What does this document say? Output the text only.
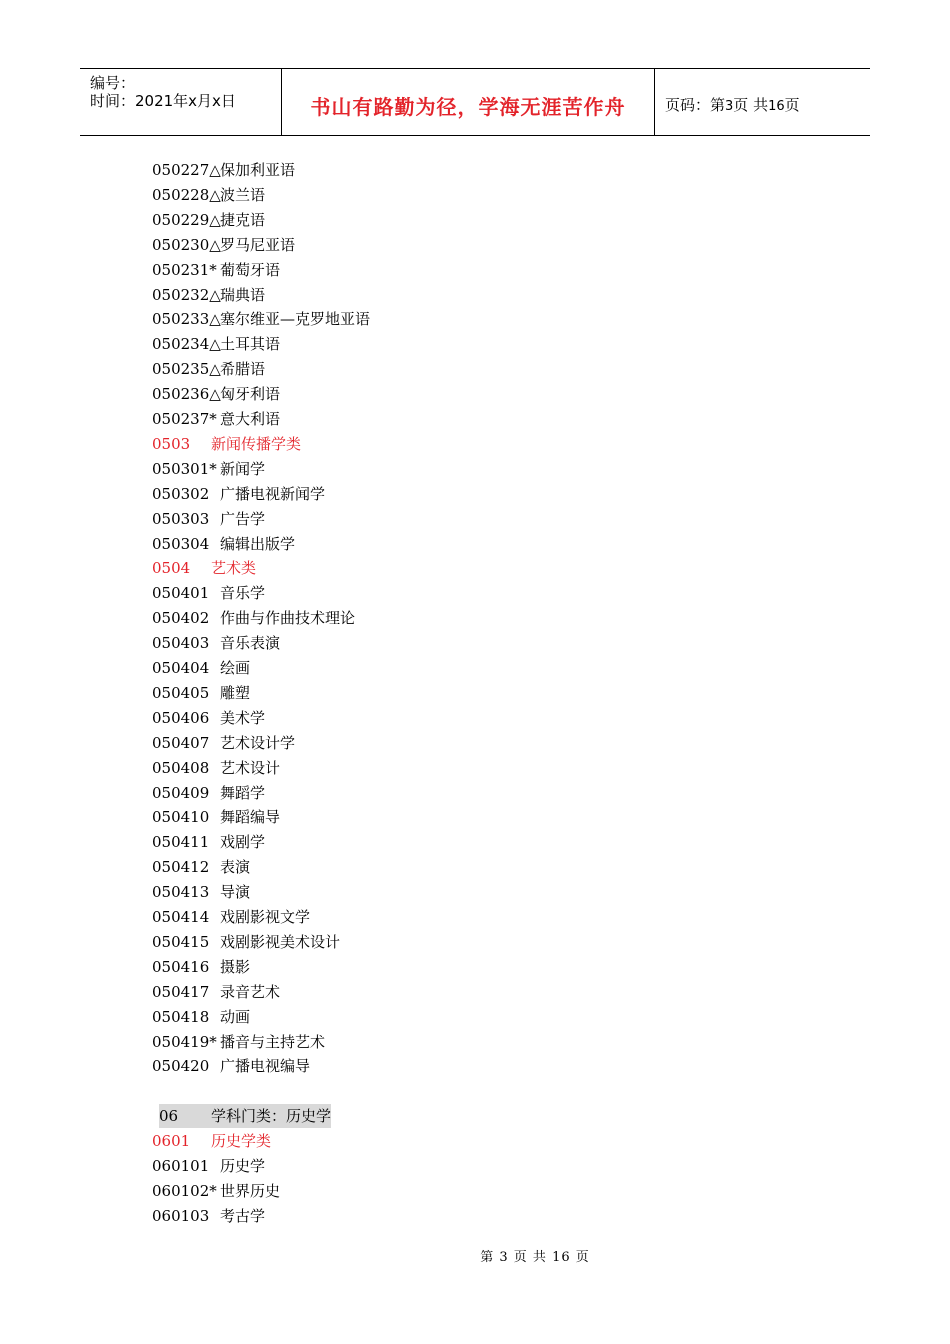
编号：
时间：2021年x月x日	书山有路勤为径，学海无涯苦作舟	页码：第3页 共16页
050227△保加利亚语
050228△波兰语
050229△捷克语
050230△罗马尼亚语
050231* 葡萄牙语
050232△瑞典语
050233△塞尔维亚—克罗地亚语
050234△土耳其语
050235△希腊语
050236△匈牙利语
050237* 意大利语
0503 新闻传播学类
050301* 新闻学
050302 广播电视新闻学
050303 广告学
050304 编辑出版学
0504 艺术类
050401 音乐学
050402 作曲与作曲技术理论
050403 音乐表演
050404 绘画
050405 雕塑
050406 美术学
050407 艺术设计学
050408 艺术设计
050409 舞蹈学
050410 舞蹈编导
050411 戏剧学
050412 表演
050413 导演
050414 戏剧影视文学
050415 戏剧影视美术设计
050416 摄影
050417 录音艺术
050418 动画
050419* 播音与主持艺术
050420 广播电视编导
06 学科门类：历史学
0601 历史学类
060101 历史学
060102* 世界历史
060103 考古学
第 3 页 共 16 页
